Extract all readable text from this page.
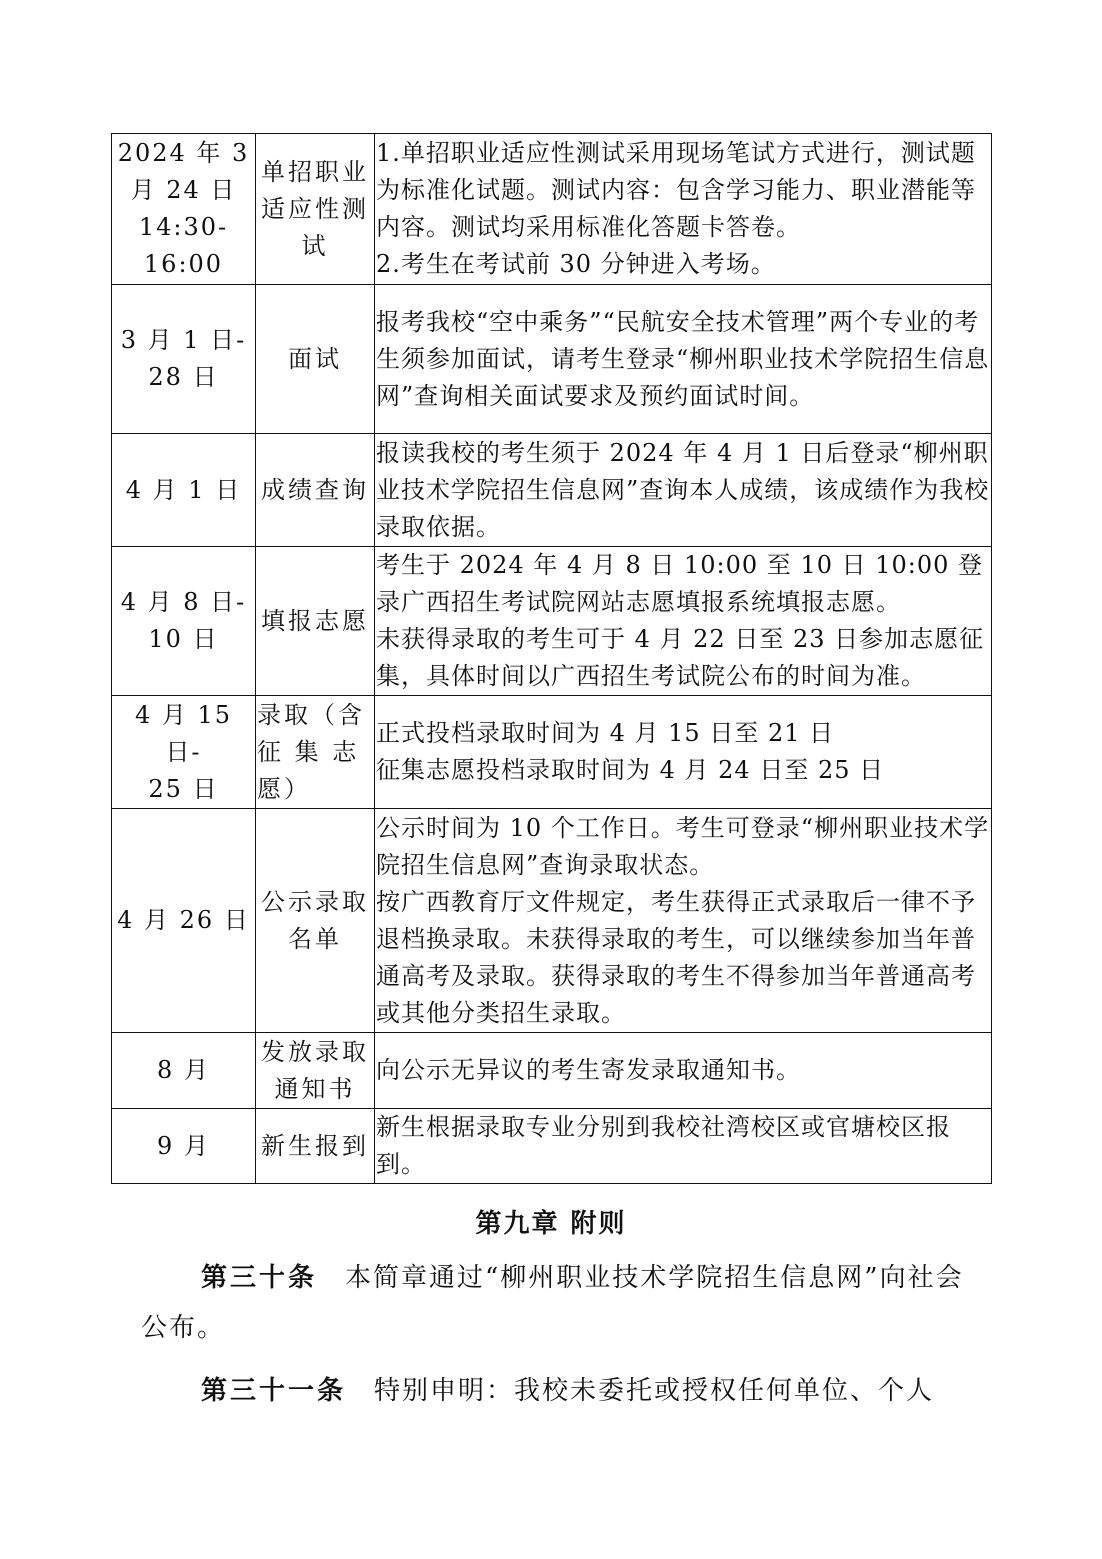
2024 年 3
月 24 日
14:30-
16:00	单招职业
适应性测
试	1.单招职业适应性测试采用现场笔试方式进行，测试题为标准化试题。测试内容：包含学习能力、职业潜能等内容。测试均采用标准化答题卡答卷。
2.考生在考试前 30 分钟进入考场。

3 月 1 日-
28 日	面试	报考我校“空中乘务”“民航安全技术管理”两个专业的考生须参加面试，请考生登录“柳州职业技术学院招生信息网”查询相关面试要求及预约面试时间。

4 月 1 日	成绩查询	报读我校的考生须于 2024 年 4 月 1 日后登录“柳州职业技术学院招生信息网”查询本人成绩，该成绩作为我校录取依据。

4 月 8 日-
10 日	填报志愿	考生于 2024 年 4 月 8 日 10:00 至 10 日 10:00 登录广西招生考试院网站志愿填报系统填报志愿。
未获得录取的考生可于 4 月 22 日至 23 日参加志愿征集，具体时间以广西招生考试院公布的时间为准。

4 月 15 日-
25 日	录取（含
征 集 志
愿）	正式投档录取时间为 4 月 15 日至 21 日
征集志愿投档录取时间为 4 月 24 日至 25 日

4 月 26 日	公示录取
名单	公示时间为 10 个工作日。考生可登录“柳州职业技术学院招生信息网”查询录取状态。
按广西教育厅文件规定，考生获得正式录取后一律不予退档换录取。未获得录取的考生，可以继续参加当年普通高考及录取。获得录取的考生不得参加当年普通高考或其他分类招生录取。

8 月	发放录取
通知书	向公示无异议的考生寄发录取通知书。

9 月	新生报到	新生根据录取专业分别到我校社湾校区或官塘校区报到。
第九章 附则
第三十条 本简章通过“柳州职业技术学院招生信息网”向社会公布。
第三十一条 特别申明：我校未委托或授权任何单位、个人
